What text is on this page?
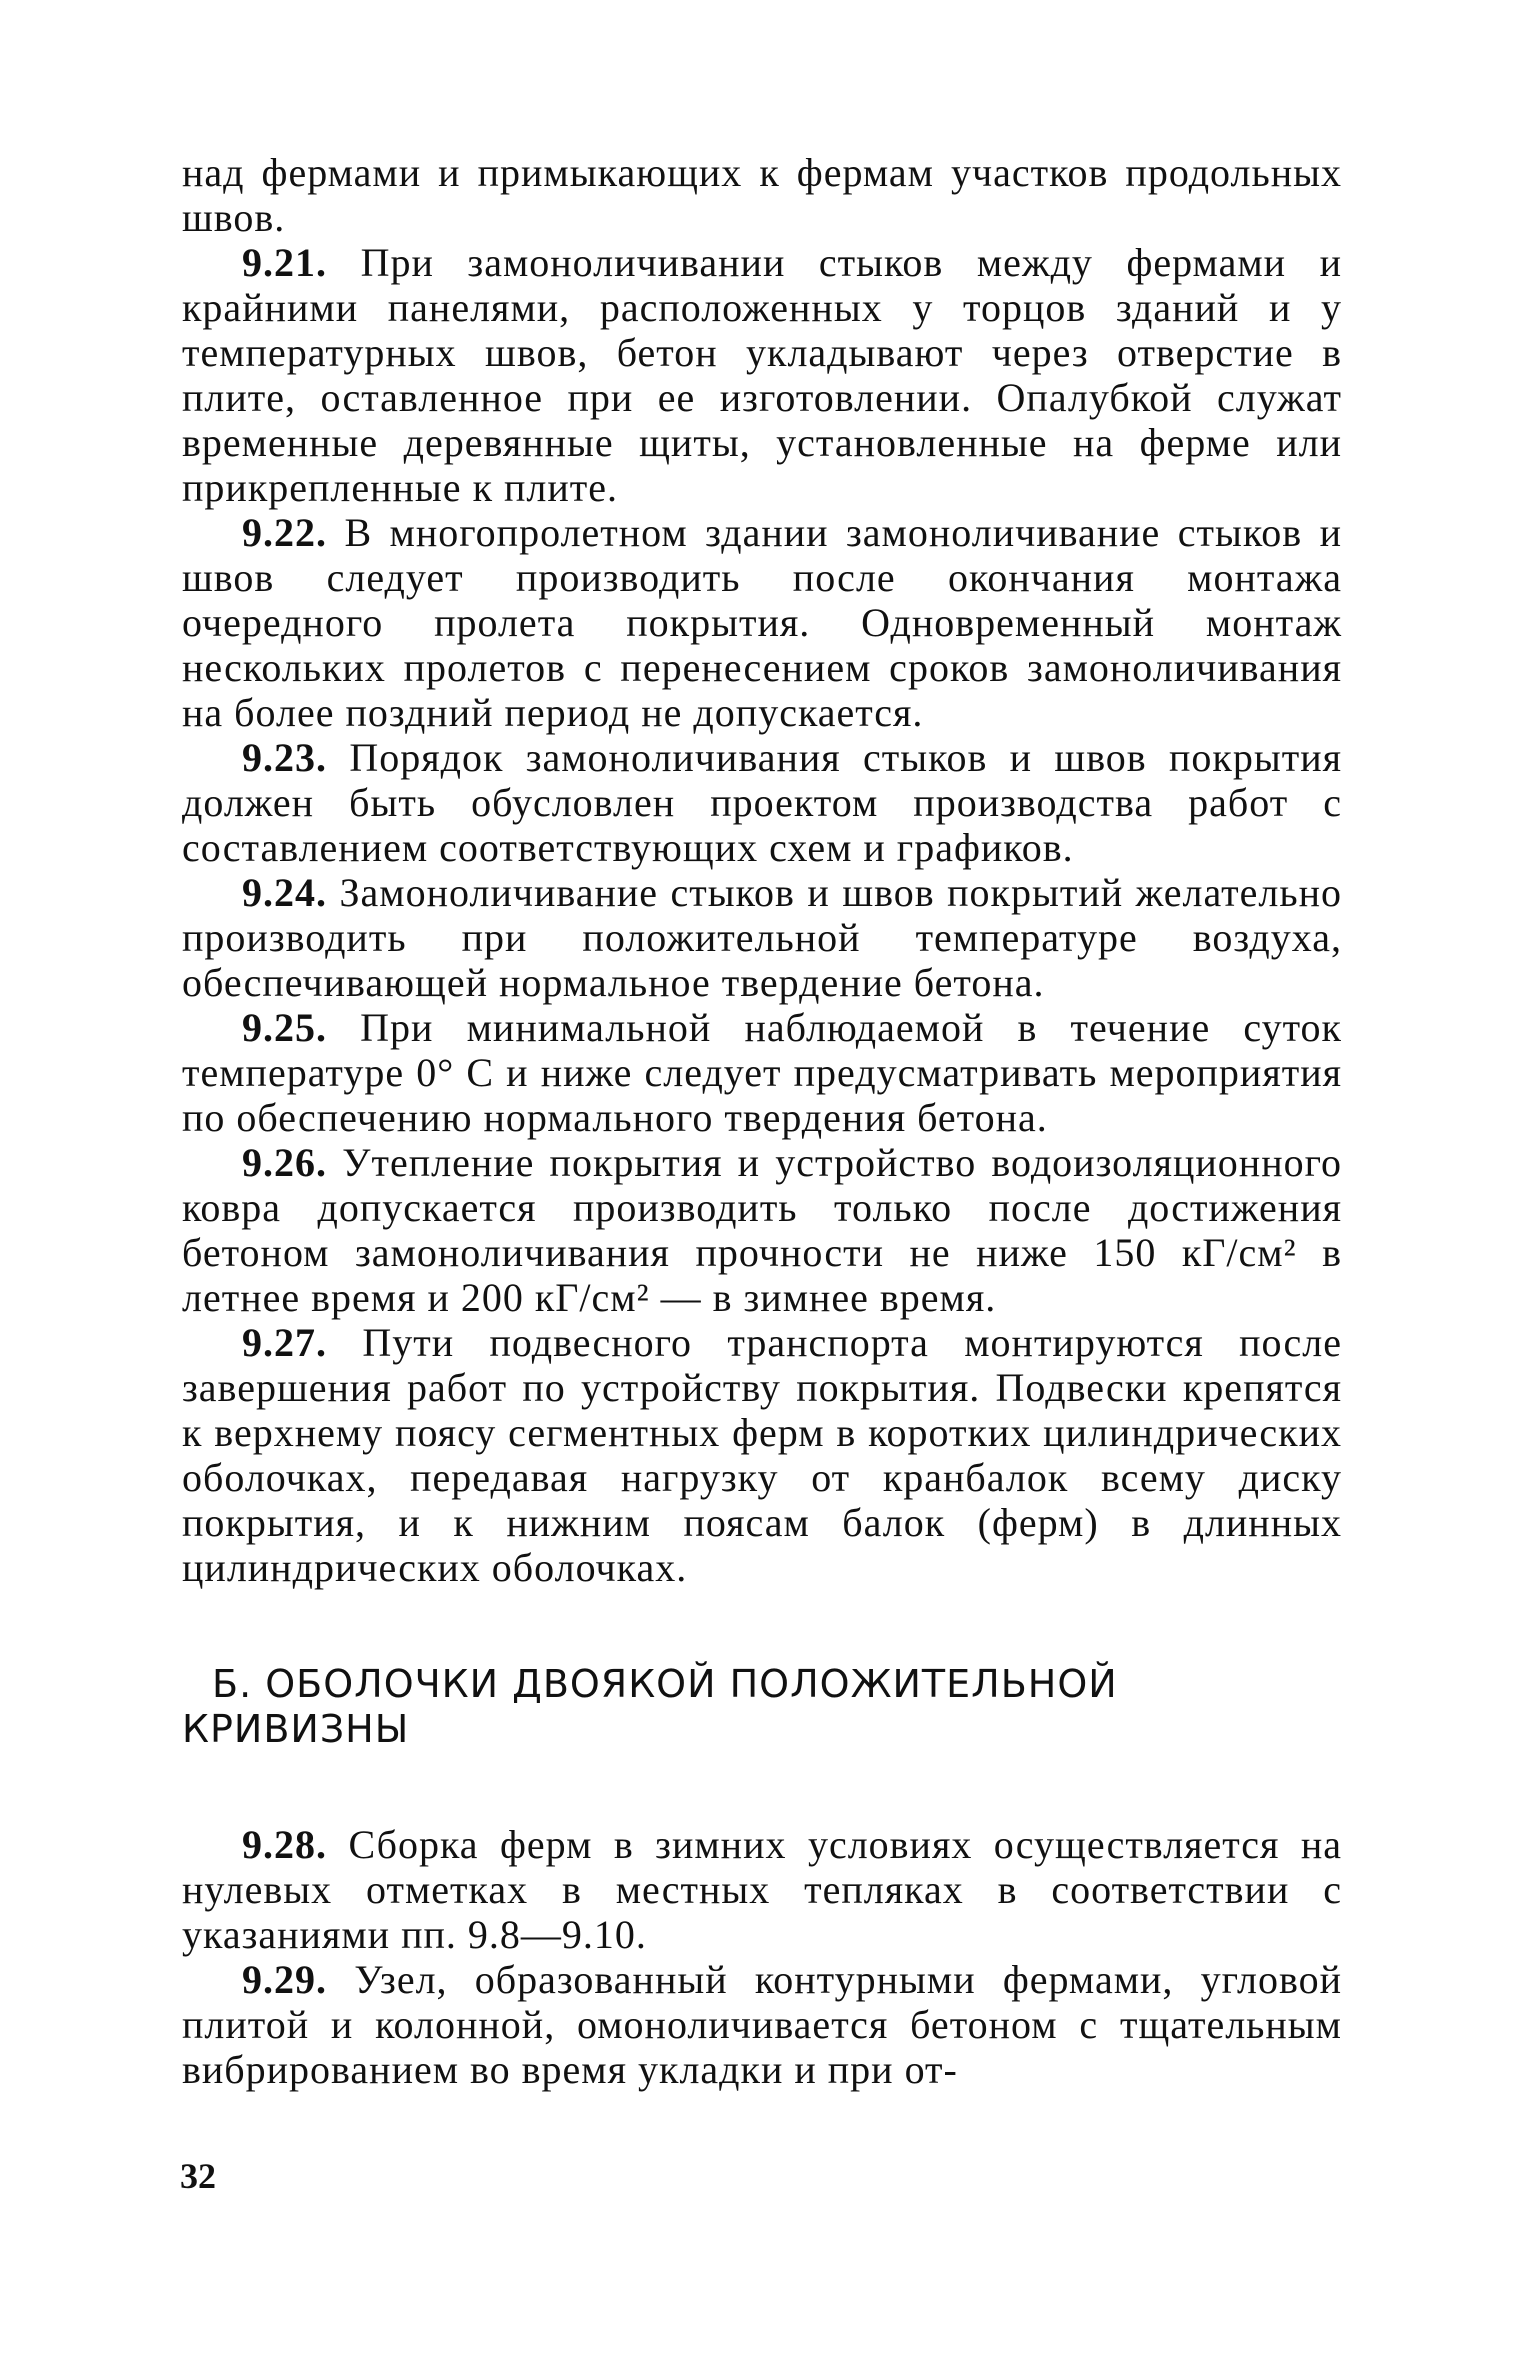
над фермами и примыкающих к фермам участков продольных швов.

9.21. При замоноличивании стыков между фермами и крайними панелями, расположенных у торцов зданий и у температурных швов, бетон укладывают через отверстие в плите, оставленное при ее изготовлении. Опалубкой служат временные деревянные щиты, установленные на ферме или прикрепленные к плите.

9.22. В многопролетном здании замоноличивание стыков и швов следует производить после окончания монтажа очередного пролета покрытия. Одновременный монтаж нескольких пролетов с перенесением сроков замоноличивания на более поздний период не допускается.

9.23. Порядок замоноличивания стыков и швов покрытия должен быть обусловлен проектом производства работ с составлением соответствующих схем и графиков.

9.24. Замоноличивание стыков и швов покрытий желательно производить при положительной температуре воздуха, обеспечивающей нормальное твердение бетона.

9.25. При минимальной наблюдаемой в течение суток температуре 0° С и ниже следует предусматривать мероприятия по обеспечению нормального твердения бетона.

9.26. Утепление покрытия и устройство водоизоляционного ковра допускается производить только после достижения бетоном замоноличивания прочности не ниже 150 кГ/см² в летнее время и 200 кГ/см² — в зимнее время.

9.27. Пути подвесного транспорта монтируются после завершения работ по устройству покрытия. Подвески крепятся к верхнему поясу сегментных ферм в коротких цилиндрических оболочках, передавая нагрузку от кранбалок всему диску покрытия, и к нижним поясам балок (ферм) в длинных цилиндрических оболочках.

Б. ОБОЛОЧКИ ДВОЯКОЙ ПОЛОЖИТЕЛЬНОЙ КРИВИЗНЫ

9.28. Сборка ферм в зимних условиях осуществляется на нулевых отметках в местных тепляках в соответствии с указаниями пп. 9.8—9.10.

9.29. Узел, образованный контурными фермами, угловой плитой и колонной, омоноличивается бетоном с тщательным вибрированием во время укладки и при от-

32
